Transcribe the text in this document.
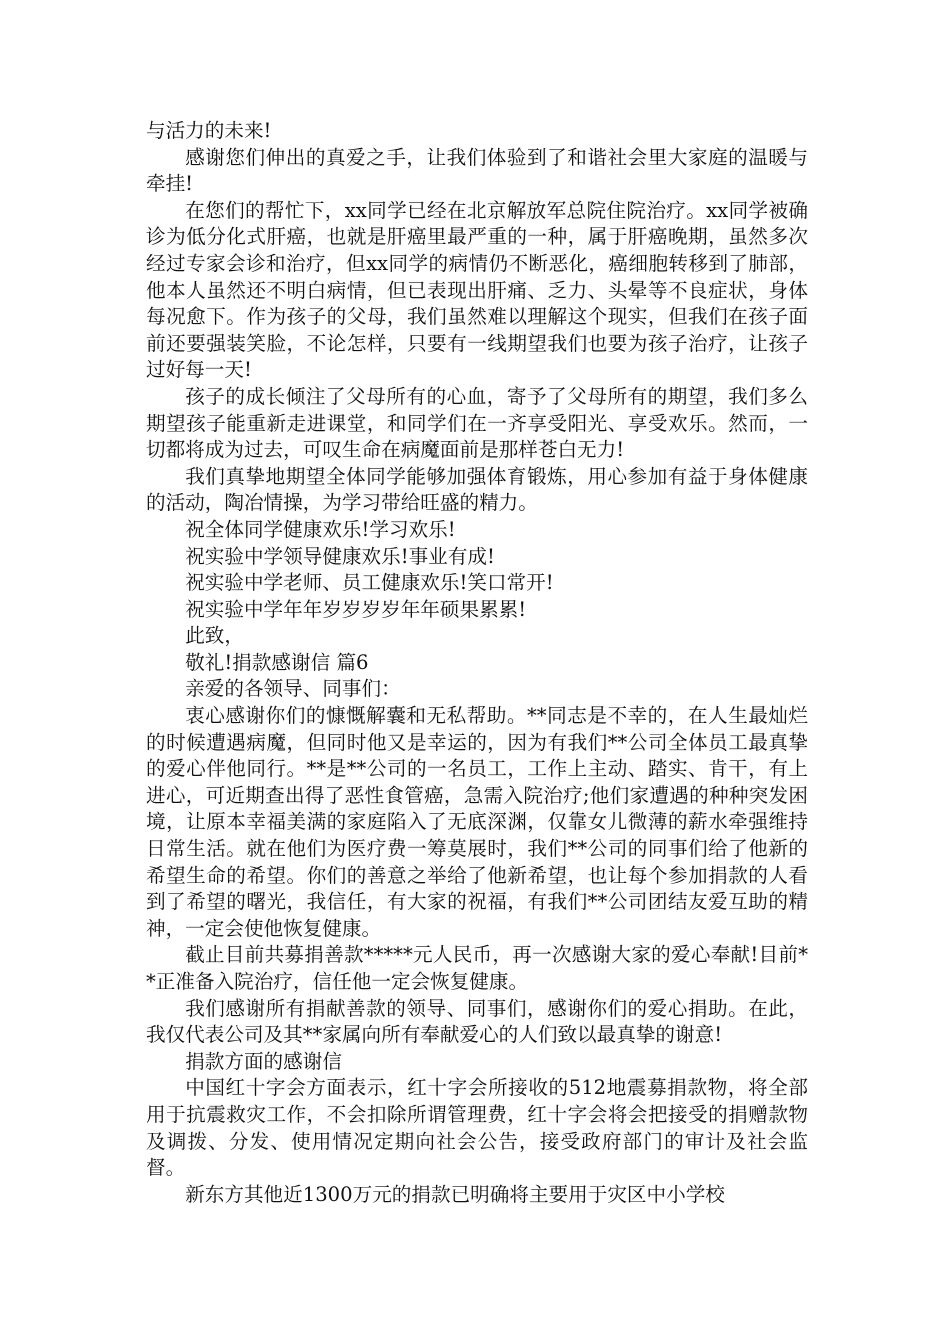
与活力的未来!

感谢您们伸出的真爱之手，让我们体验到了和谐社会里大家庭的温暖与牵挂!

在您们的帮忙下，xx同学已经在北京解放军总院住院治疗。xx同学被确诊为低分化式肝癌，也就是肝癌里最严重的一种，属于肝癌晚期，虽然多次经过专家会诊和治疗，但xx同学的病情仍不断恶化，癌细胞转移到了肺部，他本人虽然还不明白病情，但已表现出肝痛、乏力、头晕等不良症状，身体每况愈下。作为孩子的父母，我们虽然难以理解这个现实，但我们在孩子面前还要强装笑脸，不论怎样，只要有一线期望我们也要为孩子治疗，让孩子过好每一天!

孩子的成长倾注了父母所有的心血，寄予了父母所有的期望，我们多么期望孩子能重新走进课堂，和同学们在一齐享受阳光、享受欢乐。然而，一切都将成为过去，可叹生命在病魔面前是那样苍白无力!

我们真挚地期望全体同学能够加强体育锻炼，用心参加有益于身体健康的活动，陶冶情操，为学习带给旺盛的精力。

祝全体同学健康欢乐!学习欢乐!

祝实验中学领导健康欢乐!事业有成!

祝实验中学老师、员工健康欢乐!笑口常开!

祝实验中学年年岁岁岁岁年年硕果累累!

此致，

敬礼!捐款感谢信 篇6

亲爱的各领导、同事们：

衷心感谢你们的慷慨解囊和无私帮助。**同志是不幸的，在人生最灿烂的时候遭遇病魔，但同时他又是幸运的，因为有我们**公司全体员工最真挚的爱心伴他同行。**是**公司的一名员工，工作上主动、踏实、肯干，有上进心，可近期查出得了恶性食管癌，急需入院治疗;他们家遭遇的种种突发困境，让原本幸福美满的家庭陷入了无底深渊，仅靠女儿微薄的薪水牵强维持日常生活。就在他们为医疗费一筹莫展时，我们**公司的同事们给了他新的希望生命的希望。你们的善意之举给了他新希望，也让每个参加捐款的人看到了希望的曙光，我信任，有大家的祝福，有我们**公司团结友爱互助的精神，一定会使他恢复健康。

截止目前共募捐善款*****元人民币，再一次感谢大家的爱心奉献!目前**正准备入院治疗，信任他一定会恢复健康。

我们感谢所有捐献善款的领导、同事们，感谢你们的爱心捐助。在此，我仅代表公司及其**家属向所有奉献爱心的人们致以最真挚的谢意!

捐款方面的感谢信

中国红十字会方面表示，红十字会所接收的512地震募捐款物，将全部用于抗震救灾工作，不会扣除所谓管理费，红十字会将会把接受的捐赠款物及调拨、分发、使用情况定期向社会公告，接受政府部门的审计及社会监督。

新东方其他近1300万元的捐款已明确将主要用于灾区中小学校
